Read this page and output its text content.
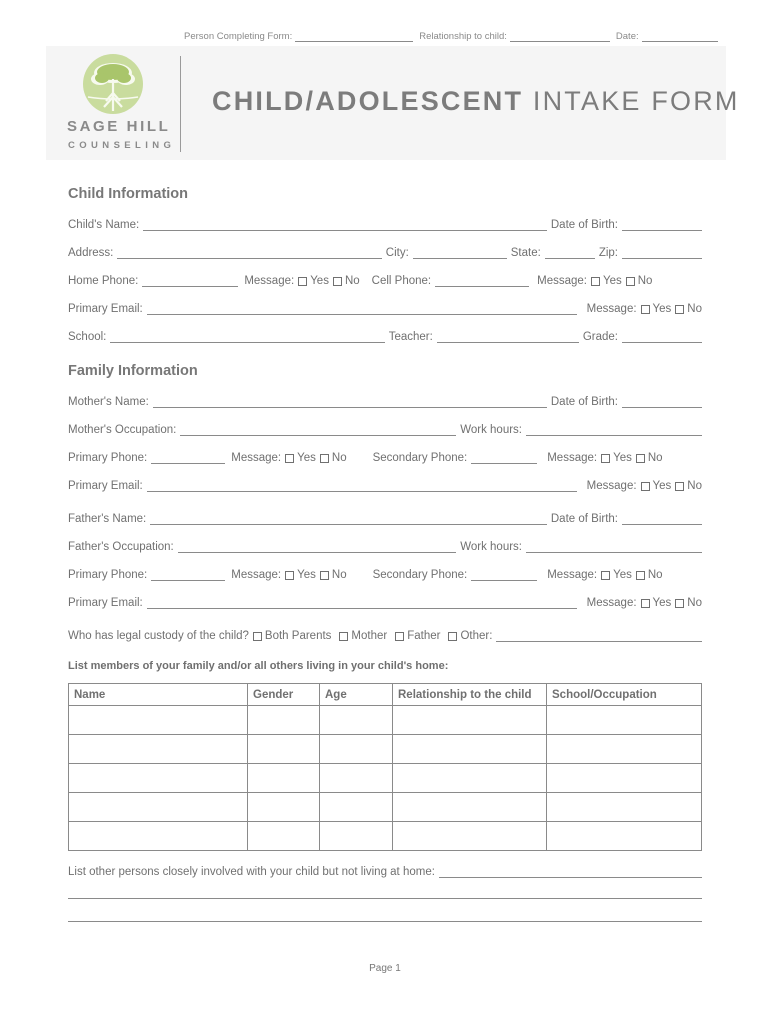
Person Completing Form:	Relationship to child:	Date:
SAGE HILL
COUNSELING
CHILD/ADOLESCENT INTAKE FORM
Child Information
Child's Name:	Date of Birth:
Address:	City:	State:	Zip:
Home Phone:	Message: Yes No Cell Phone:	Message: Yes No
Primary Email:	Message: Yes No
School:	Teacher:	Grade:
Family Information
Mother's Name:	Date of Birth:
Mother's Occupation:	Work hours:
Primary Phone:	Message: Yes No Secondary Phone:	Message: Yes No
Primary Email:	Message: Yes No
Father's Name:	Date of Birth:
Father's Occupation:	Work hours:
Primary Phone:	Message: Yes No Secondary Phone:	Message: Yes No
Primary Email:	Message: Yes No
Who has legal custody of the child? Both Parents Mother Father Other:
List members of your family and/or all others living in your child's home:
Name	Gender	Age	Relationship to the child	School/Occupation

List other persons closely involved with your child but not living at home:
Page 1
